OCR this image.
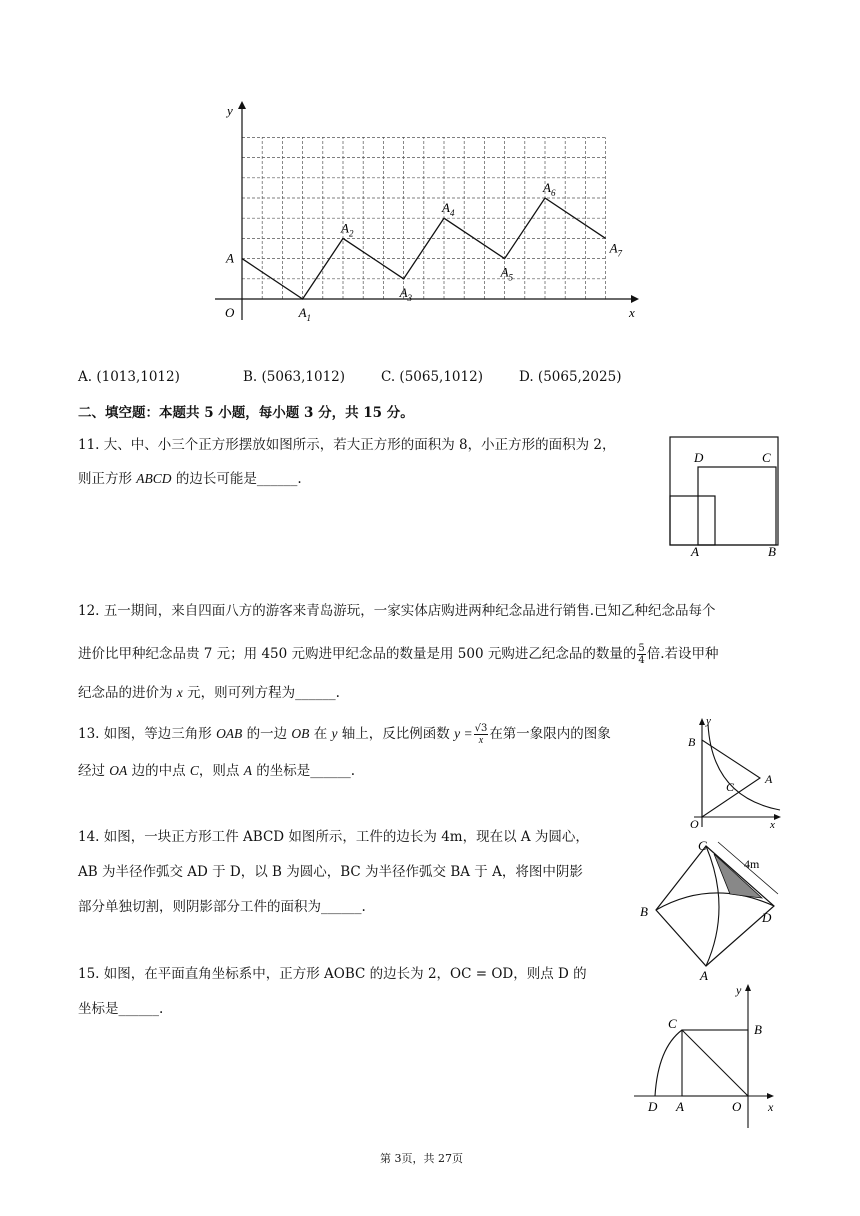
y
x
O
A
$A_1$
$A_2$
$A_3$
$A_4$
$A_5$
$A_6$
$A_7$
A. (1013,1012)	B. (5063,1012)	C. (5065,1012)	D. (5065,2025)
二、填空题：本题共 5 小题，每小题 3 分，共 15 分。
11. 大、中、小三个正方形摆放如图所示，若大正方形的面积为 8，小正方形的面积为 2，
则正方形 ABCD 的边长可能是______.
D	C
A	B
12. 五一期间，来自四面八方的游客来青岛游玩，一家实体店购进两种纪念品进行销售.已知乙种纪念品每个
进价比甲种纪念品贵 7 元；用 450 元购进甲纪念品的数量是用 500 元购进乙纪念品的数量的 $\frac{5}{4}$ 倍.若设甲种
纪念品的进价为 x 元，则可列方程为______.
13. 如图，等边三角形 OAB 的一边 OB 在 y 轴上，反比例函数 $y = \frac{√3}{x}$ 在第一象限内的图象
经过 OA 边的中点 C，则点 A 的坐标是______.
y
B
A
C
O	x
14. 如图，一块正方形工件 ABCD 如图所示，工件的边长为 4m，现在以 A 为圆心，
AB 为半径作弧交 AD 于 D，以 B 为圆心，BC 为半径作弧交 BA 于 A，将图中阴影
部分单独切割，则阴影部分工件的面积为______.
4m
C
B	D
A
15. 如图，在平面直角坐标系中，正方形 AOBC 的边长为 2，OC = OD，则点 D 的
坐标是______.
y
C	B
D A	O x
第 3页，共 27页
